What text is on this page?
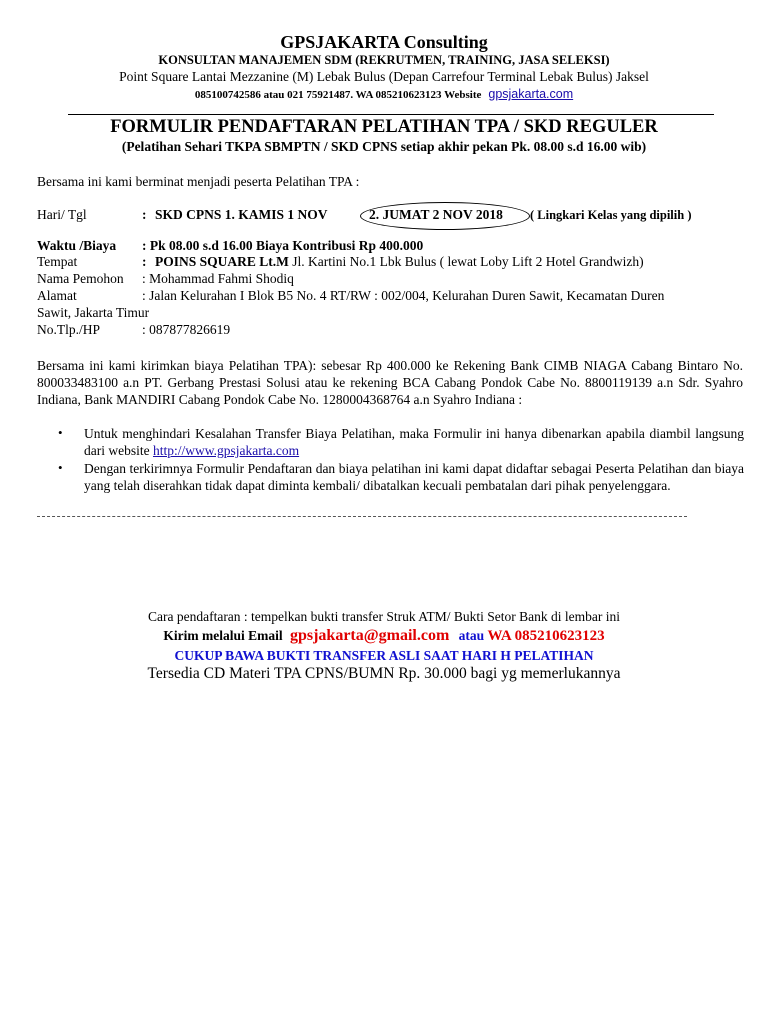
GPSJAKARTA Consulting
KONSULTAN MANAJEMEN SDM (REKRUTMEN, TRAINING, JASA SELEKSI)
Point Square Lantai Mezzanine (M) Lebak Bulus (Depan Carrefour Terminal Lebak Bulus) Jaksel
085100742586 atau 021 75921487. WA 085210623123 Website gpsjakarta.com
FORMULIR PENDAFTARAN PELATIHAN TPA / SKD REGULER
(Pelatihan Sehari TKPA SBMPTN / SKD CPNS setiap akhir pekan Pk. 08.00 s.d 16.00 wib)
Bersama ini kami berminat menjadi peserta Pelatihan TPA :
Hari/ Tgl	: SKD CPNS 1. KAMIS 1 NOV	2. JUMAT 2 NOV 2018 ( Lingkari Kelas yang dipilih )
Waktu /Biaya : Pk 08.00 s.d 16.00 Biaya Kontribusi Rp 400.000
Tempat	: POINS SQUARE Lt.M Jl. Kartini No.1 Lbk Bulus ( lewat Loby Lift 2 Hotel Grandwizh)
Nama Pemohon : Mohammad Fahmi Shodiq
Alamat	: Jalan Kelurahan I Blok B5 No. 4 RT/RW : 002/004, Kelurahan Duren Sawit, Kecamatan Duren
Sawit, Jakarta Timur
No.Tlp./HP	: 087877826619
Bersama ini kami kirimkan biaya Pelatihan TPA): sebesar Rp 400.000 ke Rekening Bank CIMB NIAGA Cabang Bintaro No. 800033483100 a.n PT. Gerbang Prestasi Solusi atau ke rekening BCA Cabang Pondok Cabe No. 8800119139 a.n Sdr. Syahro Indiana, Bank MANDIRI Cabang Pondok Cabe No. 1280004368764 a.n Syahro Indiana :
•	Untuk menghindari Kesalahan Transfer Biaya Pelatihan, maka Formulir ini hanya dibenarkan apabila diambil langsung dari website http://www.gpsjakarta.com
•	Dengan terkirimnya Formulir Pendaftaran dan biaya pelatihan ini kami dapat didaftar sebagai Peserta Pelatihan dan biaya yang telah diserahkan tidak dapat diminta kembali/ dibatalkan kecuali pembatalan dari pihak penyelenggara.
Cara pendaftaran : tempelkan bukti transfer Struk ATM/ Bukti Setor Bank di lembar ini
Kirim melalui Email gpsjakarta@gmail.com atau WA 085210623123
CUKUP BAWA BUKTI TRANSFER ASLI SAAT HARI H PELATIHAN
Tersedia CD Materi TPA CPNS/BUMN Rp. 30.000 bagi yg memerlukannya
